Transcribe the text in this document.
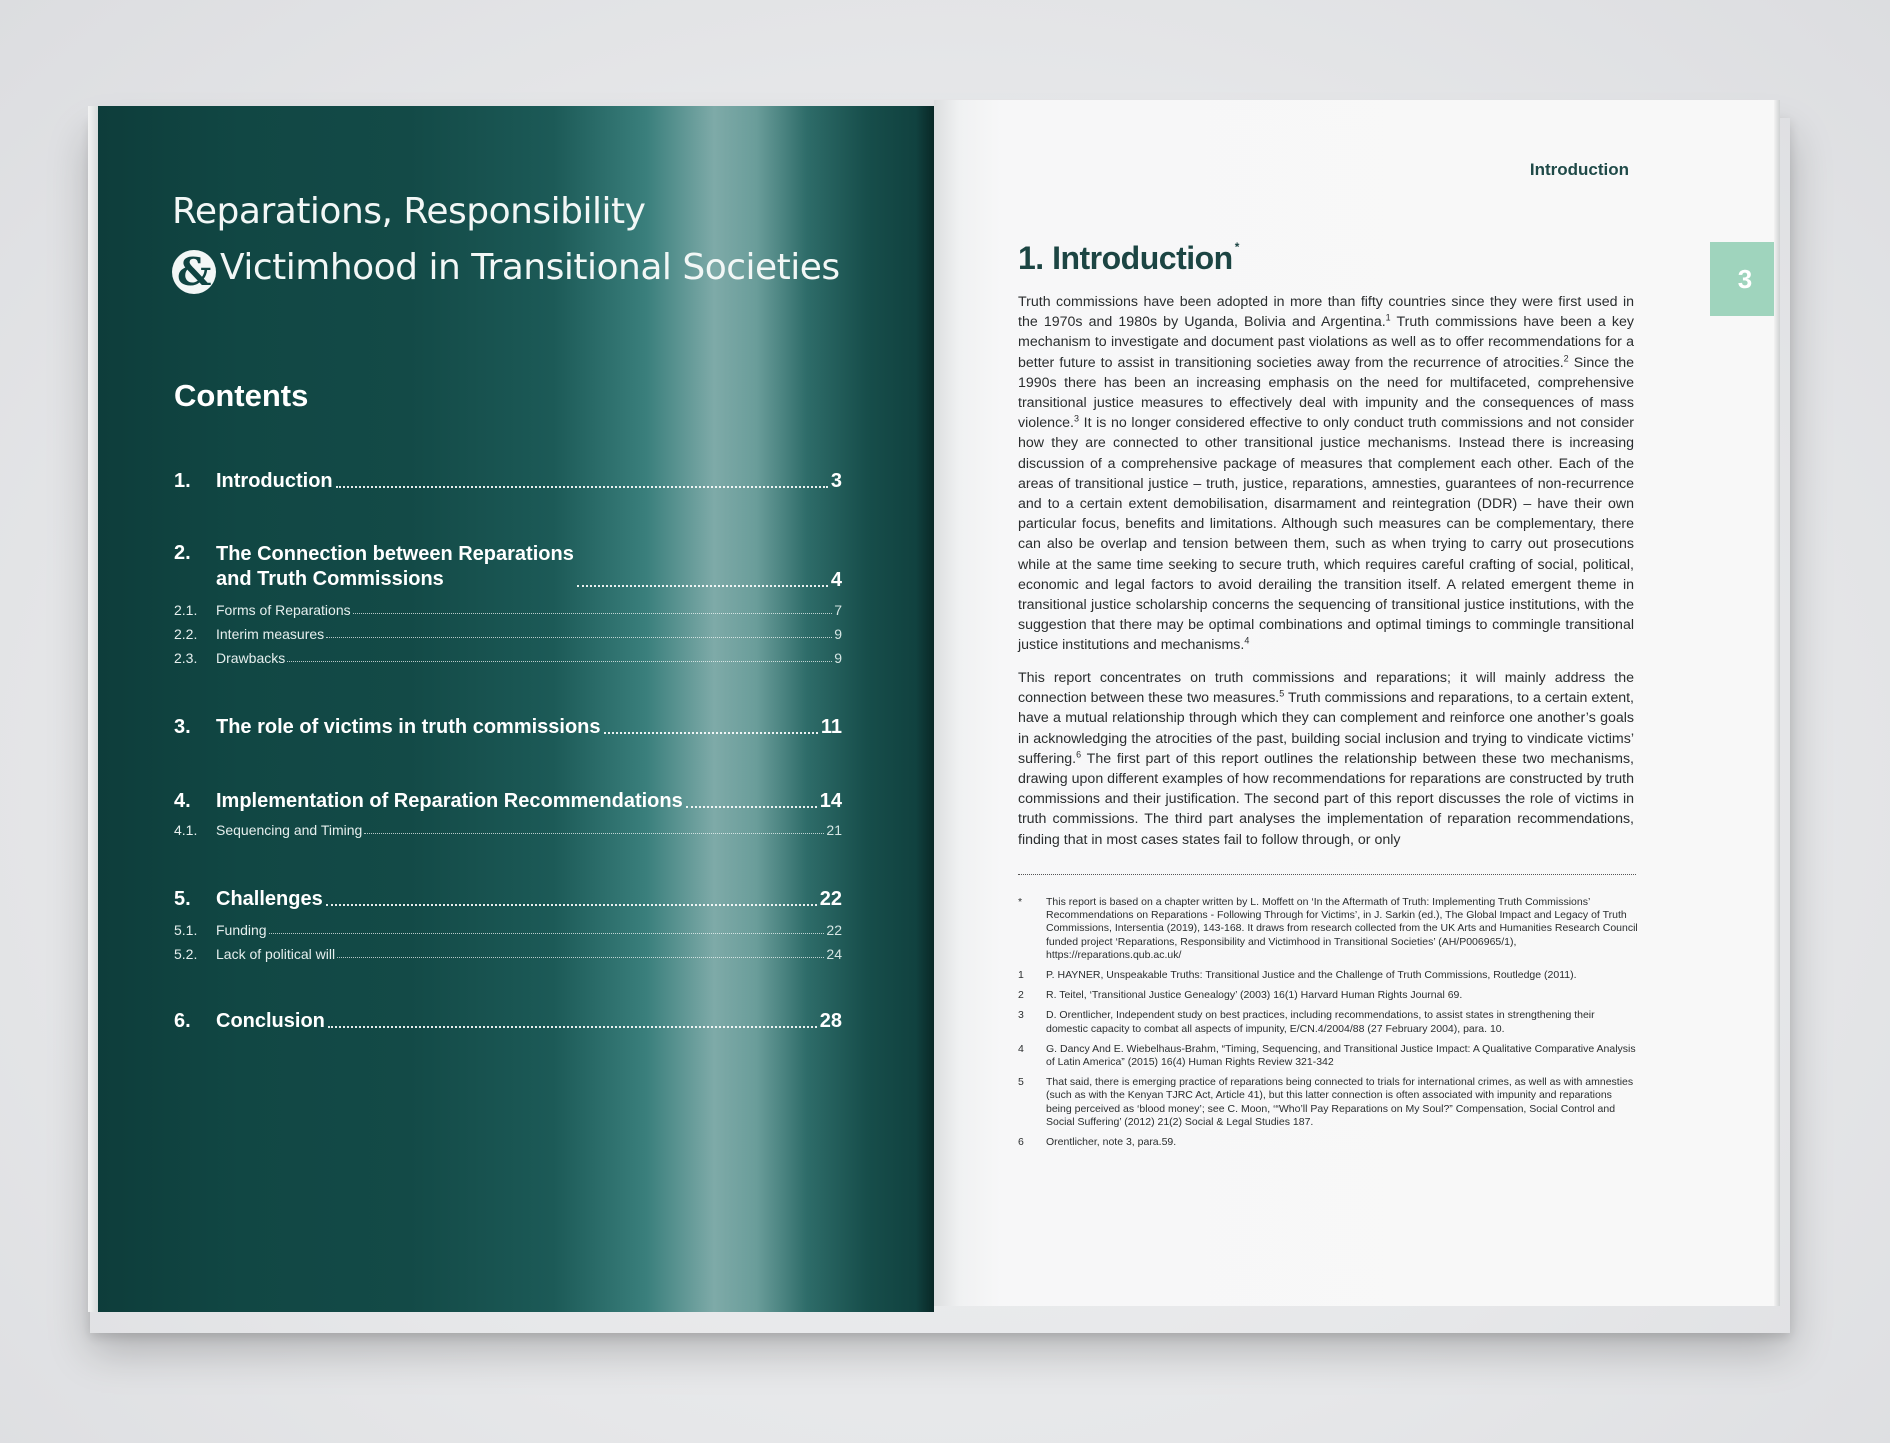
Reparations, Responsibility
& Victimhood in Transitional Societies
Contents
1.	Introduction	3
2.	The Connection between Reparations
and Truth Commissions	4
2.1.	Forms of Reparations	7
2.2.	Interim measures	9
2.3.	Drawbacks	9
3.	The role of victims in truth commissions	11
4.	Implementation of Reparation Recommendations	14
4.1.	Sequencing and Timing	21
5.	Challenges	22
5.1.	Funding	22
5.2.	Lack of political will	24
6.	Conclusion	28
Introduction
3
1. Introduction *
Truth commissions have been adopted in more than fifty countries since they were first used in the 1970s and 1980s by Uganda, Bolivia and Argentina.$^1$ Truth commissions have been a key mechanism to investigate and document past violations as well as to offer recommendations for a better future to assist in transitioning societies away from the recurrence of atrocities.$^2$ Since the 1990s there has been an increasing emphasis on the need for multifaceted, comprehensive transitional justice measures to effectively deal with impunity and the consequences of mass violence.$^3$ It is no longer considered effective to only conduct truth commissions and not consider how they are connected to other transitional justice mechanisms. Instead there is increasing discussion of a comprehensive package of measures that complement each other. Each of the areas of transitional justice – truth, justice, reparations, amnesties, guarantees of non-recurrence and to a certain extent demobilisation, disarmament and reintegration (DDR) – have their own particular focus, benefits and limitations. Although such measures can be complementary, there can also be overlap and tension between them, such as when trying to carry out prosecutions while at the same time seeking to secure truth, which requires careful crafting of social, political, economic and legal factors to avoid derailing the transition itself. A related emergent theme in transitional justice scholarship concerns the sequencing of transitional justice institutions, with the suggestion that there may be optimal combinations and optimal timings to commingle transitional justice institutions and mechanisms.$^4$
This report concentrates on truth commissions and reparations; it will mainly address the connection between these two measures.$^5$ Truth commissions and reparations, to a certain extent, have a mutual relationship through which they can complement and reinforce one another’s goals in acknowledging the atrocities of the past, building social inclusion and trying to vindicate victims’ suffering.$^6$ The first part of this report outlines the relationship between these two mechanisms, drawing upon different examples of how recommendations for reparations are constructed by truth commissions and their justification. The second part of this report discusses the role of victims in truth commissions. The third part analyses the implementation of reparation recommendations, finding that in most cases states fail to follow through, or only
*	This report is based on a chapter written by L. Moffett on ‘In the Aftermath of Truth: Implementing Truth Commissions’ Recommendations on Reparations - Following Through for Victims’, in J. Sarkin (ed.), The Global Impact and Legacy of Truth Commissions, Intersentia (2019), 143-168. It draws from research collected from the UK Arts and Humanities Research Council funded project ‘Reparations, Responsibility and Victimhood in Transitional Societies’ (AH/P006965/1), https://reparations.qub.ac.uk/
1	P. HAYNER, Unspeakable Truths: Transitional Justice and the Challenge of Truth Commissions, Routledge (2011).
2	R. Teitel, ‘Transitional Justice Genealogy’ (2003) 16(1) Harvard Human Rights Journal 69.
3	D. Orentlicher, Independent study on best practices, including recommendations, to assist states in strengthening their domestic capacity to combat all aspects of impunity, E/CN.4/2004/88 (27 February 2004), para. 10.
4	G. Dancy And E. Wiebelhaus-Brahm, “Timing, Sequencing, and Transitional Justice Impact: A Qualitative Comparative Analysis of Latin America” (2015) 16(4) Human Rights Review 321-342
5	That said, there is emerging practice of reparations being connected to trials for international crimes, as well as with amnesties (such as with the Kenyan TJRC Act, Article 41), but this latter connection is often associated with impunity and reparations being perceived as ‘blood money’; see C. Moon, ‘“Who’ll Pay Reparations on My Soul?” Compensation, Social Control and Social Suffering’ (2012) 21(2) Social & Legal Studies 187.
6	Orentlicher, note 3, para.59.
